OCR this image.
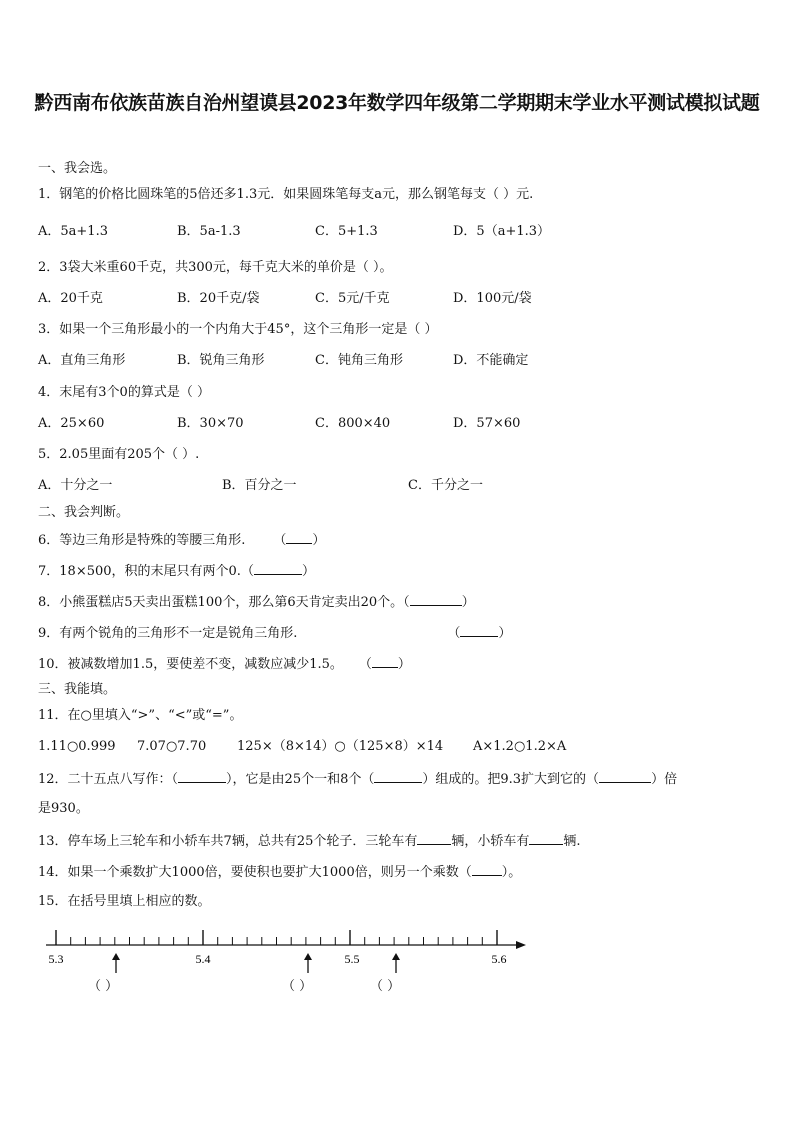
黔西南布依族苗族自治州望谟县2023年数学四年级第二学期期末学业水平测试模拟试题
一、我会选。
1．钢笔的价格比圆珠笔的5倍还多1.3元．如果圆珠笔每支a元，那么钢笔每支（ ）元.
A．5a+1.3	B．5a-1.3	C．5+1.3	D．5（a+1.3）
2．3袋大米重60千克，共300元，每千克大米的单价是（ ）。
A．20千克	B．20千克/袋	C．5元/千克	D．100元/袋
3．如果一个三角形最小的一个内角大于45°，这个三角形一定是（ ）
A．直角三角形	B．锐角三角形	C．钝角三角形	D．不能确定
4．末尾有3个0的算式是（ ）
A．25×60	B．30×70	C．800×40	D．57×60
5．2.05里面有205个（ ）.
A．十分之一	B．百分之一	C．千分之一
二、我会判断。
6．等边三角形是特殊的等腰三角形. （ ）
7．18×500，积的末尾只有两个0.（	）
8．小熊蛋糕店5天卖出蛋糕100个，那么第6天肯定卖出20个。（	）
9．有两个锐角的三角形不一定是锐角三角形.	（	）
10．被减数增加1.5，要使差不变，减数应减少1.5。 （ ）
三、我能填。
11．在○里填入“>”、“<”或“=”。
1.11○0.999 7.07○7.70 125×（8×14）○（125×8）×14 A×1.2○1.2×A
12．二十五点八写作：（	），它是由25个一和8个（	）组成的。把9.3扩大到它的（	）倍
是930。
13．停车场上三轮车和小轿车共7辆，总共有25个轮子．三轮车有	辆，小轿车有	辆.
14．如果一个乘数扩大1000倍，要使积也要扩大1000倍，则另一个乘数（ ）。
15．在括号里填上相应的数。
5.3	5.4	5.5	5.6
（ ）	（ ）	（ ）
